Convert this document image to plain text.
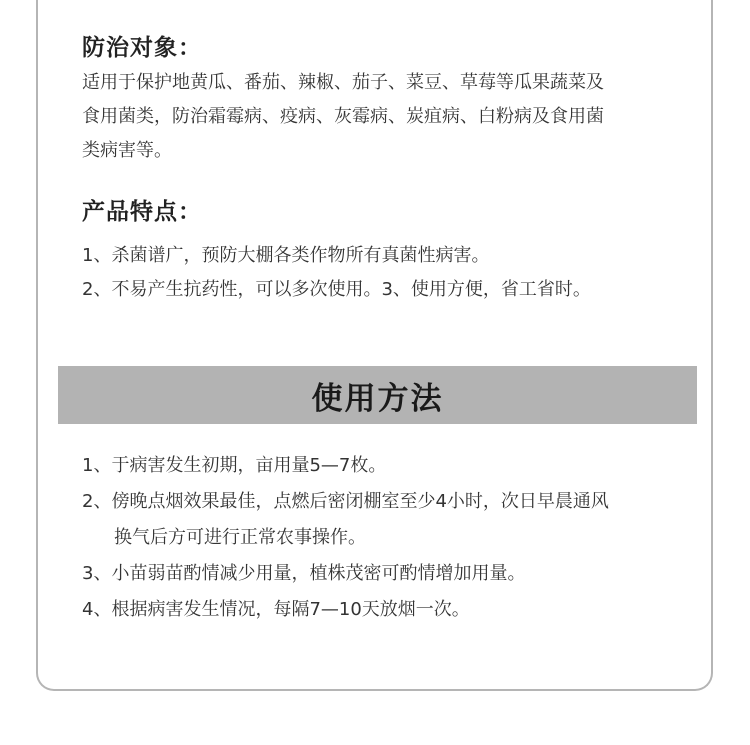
防治对象：
适用于保护地黄瓜、番茄、辣椒、茄子、菜豆、草莓等瓜果蔬菜及
食用菌类，防治霜霉病、疫病、灰霉病、炭疽病、白粉病及食用菌
类病害等。
产品特点：
1、杀菌谱广，预防大棚各类作物所有真菌性病害。
2、不易产生抗药性，可以多次使用。3、使用方便，省工省时。
使用方法
1、于病害发生初期，亩用量5—7枚。
2、傍晚点烟效果最佳，点燃后密闭棚室至少4小时，次日早晨通风
换气后方可进行正常农事操作。
3、小苗弱苗酌情减少用量，植株茂密可酌情增加用量。
4、根据病害发生情况，每隔7—10天放烟一次。
